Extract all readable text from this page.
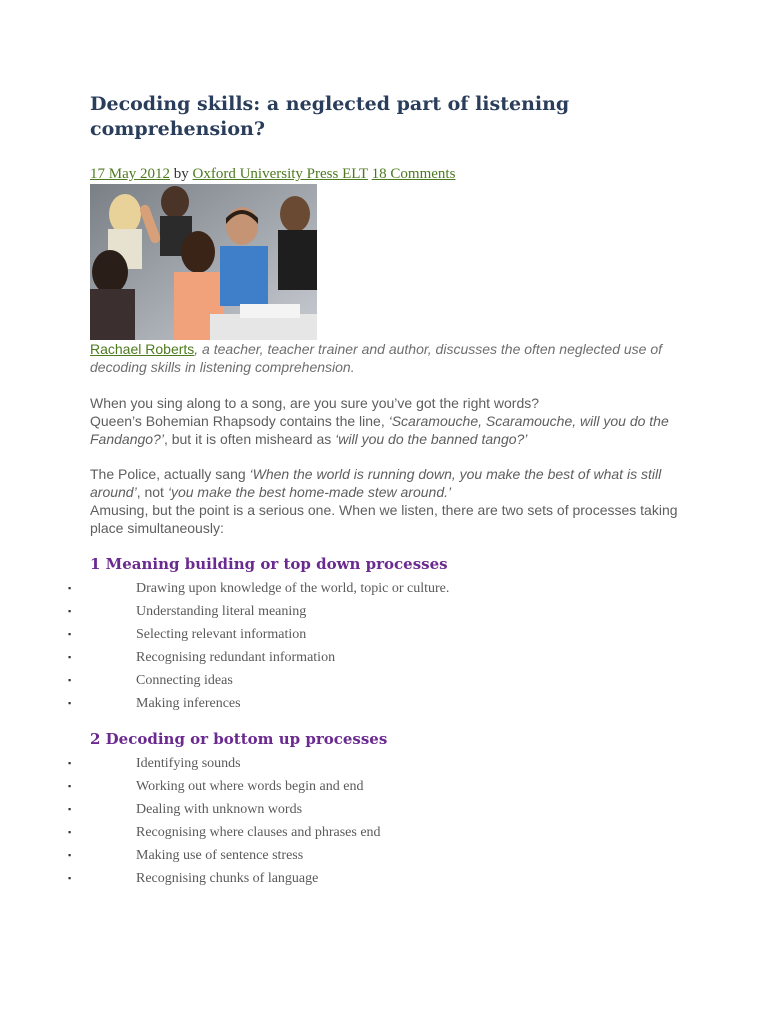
Decoding skills: a neglected part of listening comprehension?
17 May 2012 by Oxford University Press ELT 18 Comments
Rachael Roberts, a teacher, teacher trainer and author, discusses the often neglected use of decoding skills in listening comprehension.
When you sing along to a song, are you sure you’ve got the right words?
Queen’s Bohemian Rhapsody contains the line, ‘Scaramouche, Scaramouche, will you do the Fandango?’, but it is often misheard as ‘will you do the banned tango?’
The Police, actually sang ‘When the world is running down, you make the best of what is still around’, not ‘you make the best home-made stew around.’
Amusing, but the point is a serious one. When we listen, there are two sets of processes taking place simultaneously:
1 Meaning building or top down processes
▪	Drawing upon knowledge of the world, topic or culture.
▪	Understanding literal meaning
▪	Selecting relevant information
▪	Recognising redundant information
▪	Connecting ideas
▪	Making inferences
2 Decoding or bottom up processes
▪	Identifying sounds
▪	Working out where words begin and end
▪	Dealing with unknown words
▪	Recognising where clauses and phrases end
▪	Making use of sentence stress
▪	Recognising chunks of language
